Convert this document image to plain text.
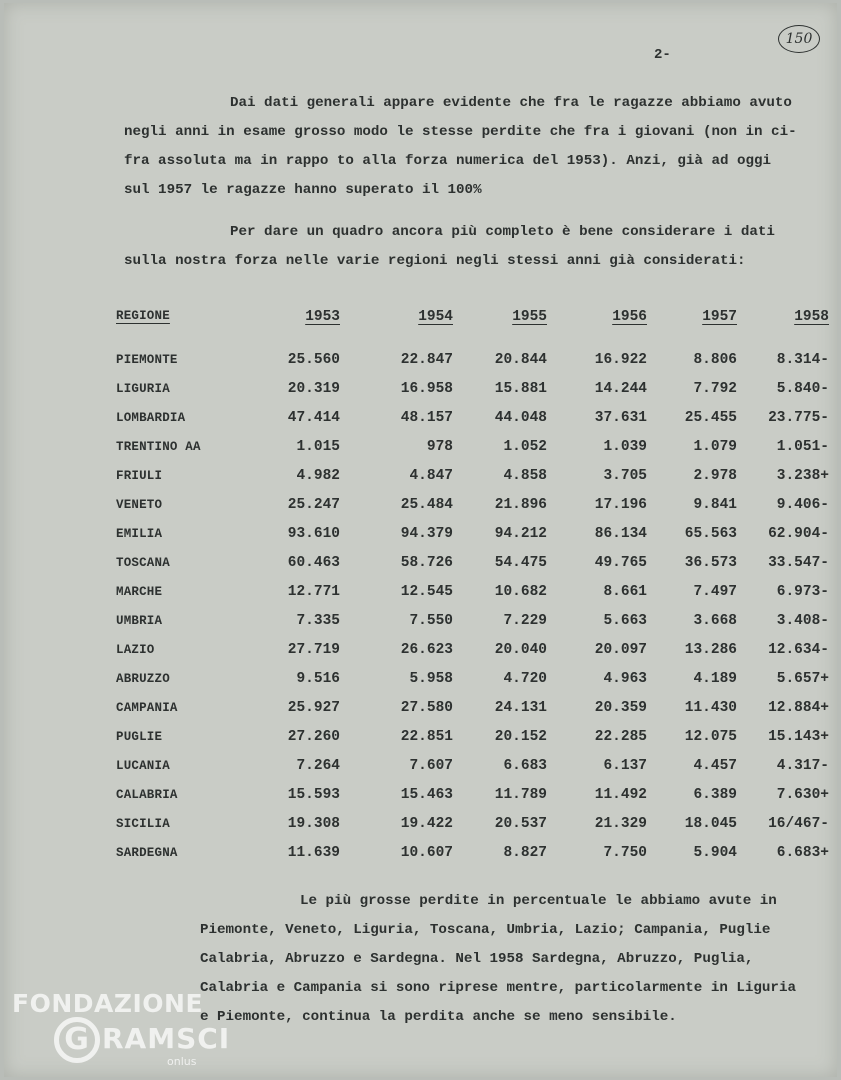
2-
150

Dai dati generali appare evidente che fra le ragazze abbiamo avuto
negli anni in esame grosso modo le stesse perdite che fra i giovani (non in ci-
fra assoluta ma in rappo to alla forza numerica del 1953). Anzi, già ad oggi
sul 1957 le ragazze hanno superato il 100%

Per dare un quadro ancora più completo è bene considerare i dati
sulla nostra forza nelle varie regioni negli stessi anni già considerati:

REGIONE	1953	1954	1955	1956	1957	1958
PIEMONTE	25.560	22.847	20.844	16.922	8.806	8.314-
LIGURIA	20.319	16.958	15.881	14.244	7.792	5.840-
LOMBARDIA	47.414	48.157	44.048	37.631	25.455	23.775-
TRENTINO AA	1.015	978	1.052	1.039	1.079	1.051-
FRIULI	4.982	4.847	4.858	3.705	2.978	3.238+
VENETO	25.247	25.484	21.896	17.196	9.841	9.406-
EMILIA	93.610	94.379	94.212	86.134	65.563	62.904-
TOSCANA	60.463	58.726	54.475	49.765	36.573	33.547-
MARCHE	12.771	12.545	10.682	8.661	7.497	6.973-
UMBRIA	7.335	7.550	7.229	5.663	3.668	3.408-
LAZIO	27.719	26.623	20.040	20.097	13.286	12.634-
ABRUZZO	9.516	5.958	4.720	4.963	4.189	5.657+
CAMPANIA	25.927	27.580	24.131	20.359	11.430	12.884+
PUGLIE	27.260	22.851	20.152	22.285	12.075	15.143+
LUCANIA	7.264	7.607	6.683	6.137	4.457	4.317-
CALABRIA	15.593	15.463	11.789	11.492	6.389	7.630+
SICILIA	19.308	19.422	20.537	21.329	18.045	16/467-
SARDEGNA	11.639	10.607	8.827	7.750	5.904	6.683+

Le più grosse perdite in percentuale le abbiamo avute in
Piemonte, Veneto, Liguria, Toscana, Umbria, Lazio; Campania, Puglie
Calabria, Abruzzo e Sardegna. Nel 1958 Sardegna, Abruzzo, Puglia,
Calabria e Campania si sono riprese mentre, particolarmente in Liguria
e Piemonte, continua la perdita anche se meno sensibile.

FONDAZIONE
G RAMSCI
onlus
